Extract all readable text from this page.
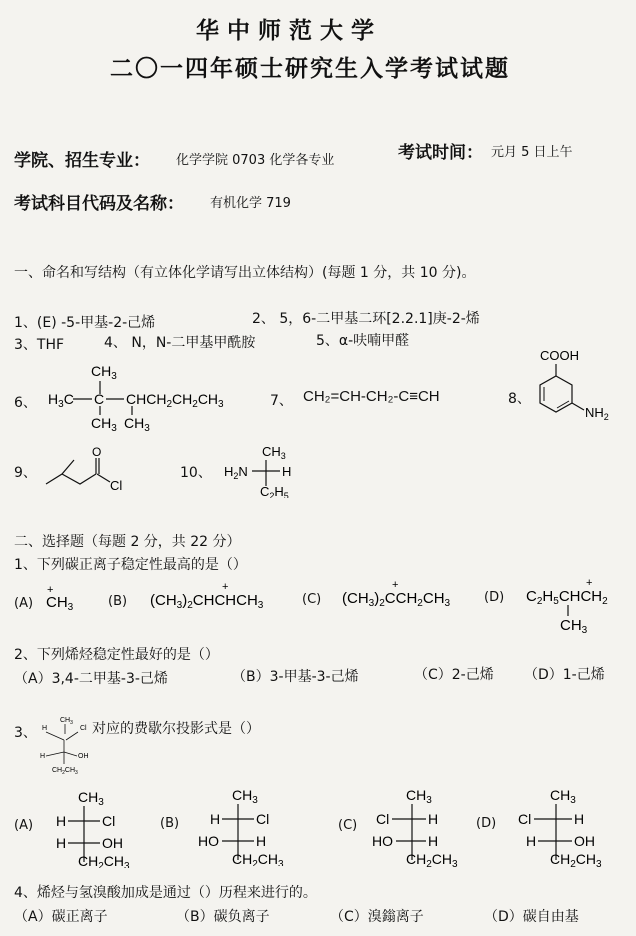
华中师范大学
二〇一四年硕士研究生入学考试试题
学院、招生专业： 化学学院 0703 化学各专业	考试时间： 元月 5 日上午
考试科目代码及名称： 有机化学 719
一、命名和写结构（有立体化学请写出立体结构）(每题 1 分，共 10 分)。
1、(E) -5-甲基-2-己烯	2、 5，6-二甲基二环[2.2.1]庚-2-烯
3、THF	4、 N，N-二甲基甲酰胺	5、α-呋喃甲醛
6、
$CH_3$
$H_3C$ C
$CH_3$
$CHCH_2CH_2CH_3$
$CH_3$
7、 CH₂=CH-CH₂-C≡CH	8、
COOH
$NH_2$
9、
O
Cl
10、
$CH_3$
$H_2N$	H
$C_2H_5$
二、选择题（每题 2 分，共 22 分）
1、下列碳正离子稳定性最高的是（）
(A) $CH_3$
+
(B) $(CH_3)_2CHCHCH_3$
+
(C) $(CH_3)_2CCH_2CH_3$
+
(D) $C_2H_5CHCH_2$
+
$CH_3$
2、下列烯烃稳定性最好的是（）
（A）3,4-二甲基-3-己烯	（B）3-甲基-3-己烯	（C）2-己烯 （D）1-己烯
3、
$CH_3$
H	Cl
H	OH
$CH_2CH_3$
对应的费歇尔投影式是（）
(A)
$CH_3$
H	Cl
H	OH
$CH_2CH_3$
(B)
$CH_3$
H	Cl
HO	H
$CH_2CH_3$
(C)
$CH_3$
Cl	H
HO	H
$CH_2CH_3$
(D)
$CH_3$
Cl	H
H	OH
$CH_2CH_3$
4、烯烃与氢溴酸加成是通过（）历程来进行的。
（A）碳正离子	（B）碳负离子	（C）溴鎓离子	（D）碳自由基
